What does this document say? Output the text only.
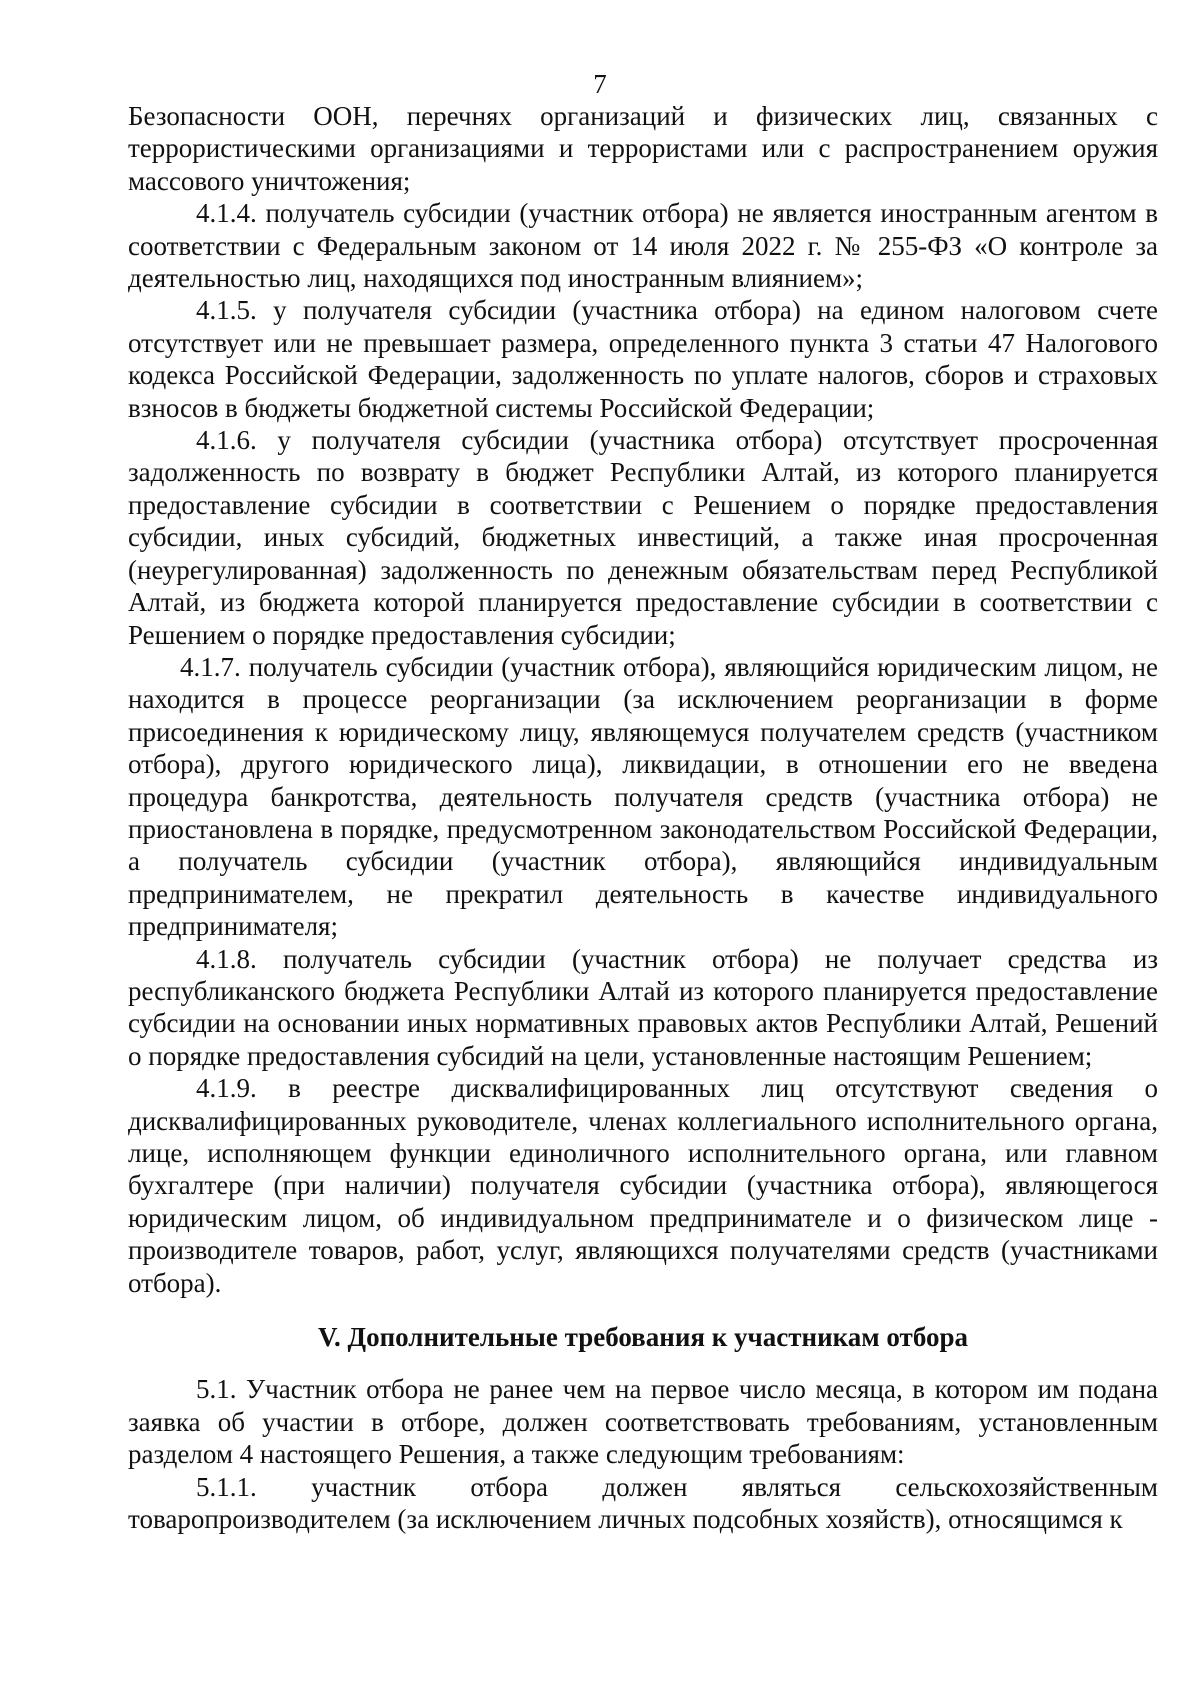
7

Безопасности ООН, перечнях организаций и физических лиц, связанных с террористическими организациями и террористами или с распространением оружия массового уничтожения;

4.1.4. получатель субсидии (участник отбора) не является иностранным агентом в соответствии с Федеральным законом от 14 июля 2022 г. № 255-ФЗ «О контроле за деятельностью лиц, находящихся под иностранным влиянием»;

4.1.5. у получателя субсидии (участника отбора) на едином налоговом счете отсутствует или не превышает размера, определенного пункта 3 статьи 47 Налогового кодекса Российской Федерации, задолженность по уплате налогов, сборов и страховых взносов в бюджеты бюджетной системы Российской Федерации;

4.1.6. у получателя субсидии (участника отбора) отсутствует просроченная задолженность по возврату в бюджет Республики Алтай, из которого планируется предоставление субсидии в соответствии с Решением о порядке предоставления субсидии, иных субсидий, бюджетных инвестиций, а также иная просроченная (неурегулированная) задолженность по денежным обязательствам перед Республикой Алтай, из бюджета которой планируется предоставление субсидии в соответствии с Решением о порядке предоставления субсидии;

4.1.7. получатель субсидии (участник отбора), являющийся юридическим лицом, не находится в процессе реорганизации (за исключением реорганизации в форме присоединения к юридическому лицу, являющемуся получателем средств (участником отбора), другого юридического лица), ликвидации, в отношении его не введена процедура банкротства, деятельность получателя средств (участника отбора) не приостановлена в порядке, предусмотренном законодательством Российской Федерации, а получатель субсидии (участник отбора), являющийся индивидуальным предпринимателем, не прекратил деятельность в качестве индивидуального предпринимателя;

4.1.8. получатель субсидии (участник отбора) не получает средства из республиканского бюджета Республики Алтай из которого планируется предоставление субсидии на основании иных нормативных правовых актов Республики Алтай, Решений о порядке предоставления субсидий на цели, установленные настоящим Решением;

4.1.9. в реестре дисквалифицированных лиц отсутствуют сведения о дисквалифицированных руководителе, членах коллегиального исполнительного органа, лице, исполняющем функции единоличного исполнительного органа, или главном бухгалтере (при наличии) получателя субсидии (участника отбора), являющегося юридическим лицом, об индивидуальном предпринимателе и о физическом лице - производителе товаров, работ, услуг, являющихся получателями средств (участниками отбора).

V. Дополнительные требования к участникам отбора

5.1. Участник отбора не ранее чем на первое число месяца, в котором им подана заявка об участии в отборе, должен соответствовать требованиям, установленным разделом 4 настоящего Решения, а также следующим требованиям:

5.1.1. участник отбора должен являться сельскохозяйственным товаропроизводителем (за исключением личных подсобных хозяйств), относящимся к
